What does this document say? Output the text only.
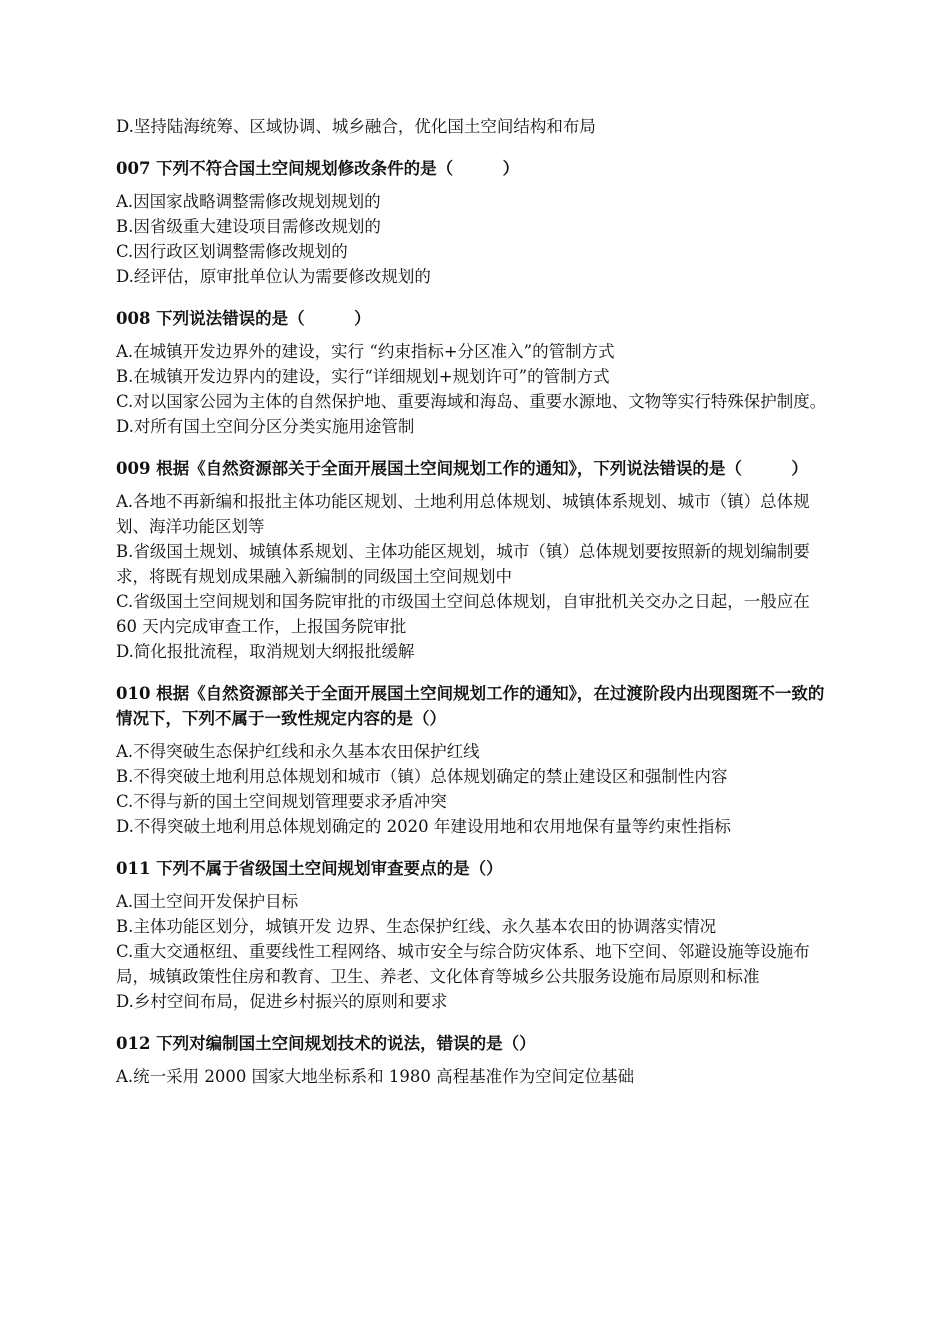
D.坚持陆海统筹、区域协调、城乡融合，优化国土空间结构和布局
007 下列不符合国土空间规划修改条件的是（　　　）
A.因国家战略调整需修改规划规划的
B.因省级重大建设项目需修改规划的
C.因行政区划调整需修改规划的
D.经评估，原审批单位认为需要修改规划的
008 下列说法错误的是（　　　）
A.在城镇开发边界外的建设，实行 “约束指标+分区准入”的管制方式
B.在城镇开发边界内的建设，实行“详细规划+规划许可”的管制方式
C.对以国家公园为主体的自然保护地、重要海域和海岛、重要水源地、文物等实行特殊保护制度。
D.对所有国土空间分区分类实施用途管制
009 根据《自然资源部关于全面开展国土空间规划工作的通知》，下列说法错误的是（　　　）
A.各地不再新编和报批主体功能区规划、土地利用总体规划、城镇体系规划、城市（镇）总体规划、海洋功能区划等
B.省级国土规划、城镇体系规划、主体功能区规划，城市（镇）总体规划要按照新的规划编制要求，将既有规划成果融入新编制的同级国土空间规划中
C.省级国土空间规划和国务院审批的市级国土空间总体规划，自审批机关交办之日起，一般应在 60 天内完成审查工作，上报国务院审批
D.简化报批流程，取消规划大纲报批缓解
010 根据《自然资源部关于全面开展国土空间规划工作的通知》，在过渡阶段内出现图斑不一致的情况下，下列不属于一致性规定内容的是（）
A.不得突破生态保护红线和永久基本农田保护红线
B.不得突破土地利用总体规划和城市（镇）总体规划确定的禁止建设区和强制性内容
C.不得与新的国土空间规划管理要求矛盾冲突
D.不得突破土地利用总体规划确定的 2020 年建设用地和农用地保有量等约束性指标
011 下列不属于省级国土空间规划审查要点的是（）
A.国土空间开发保护目标
B.主体功能区划分，城镇开发 边界、生态保护红线、永久基本农田的协调落实情况
C.重大交通枢纽、重要线性工程网络、城市安全与综合防灾体系、地下空间、邻避设施等设施布局，城镇政策性住房和教育、卫生、养老、文化体育等城乡公共服务设施布局原则和标准
D.乡村空间布局，促进乡村振兴的原则和要求
012 下列对编制国土空间规划技术的说法，错误的是（）
A.统一采用 2000 国家大地坐标系和 1980 高程基准作为空间定位基础
